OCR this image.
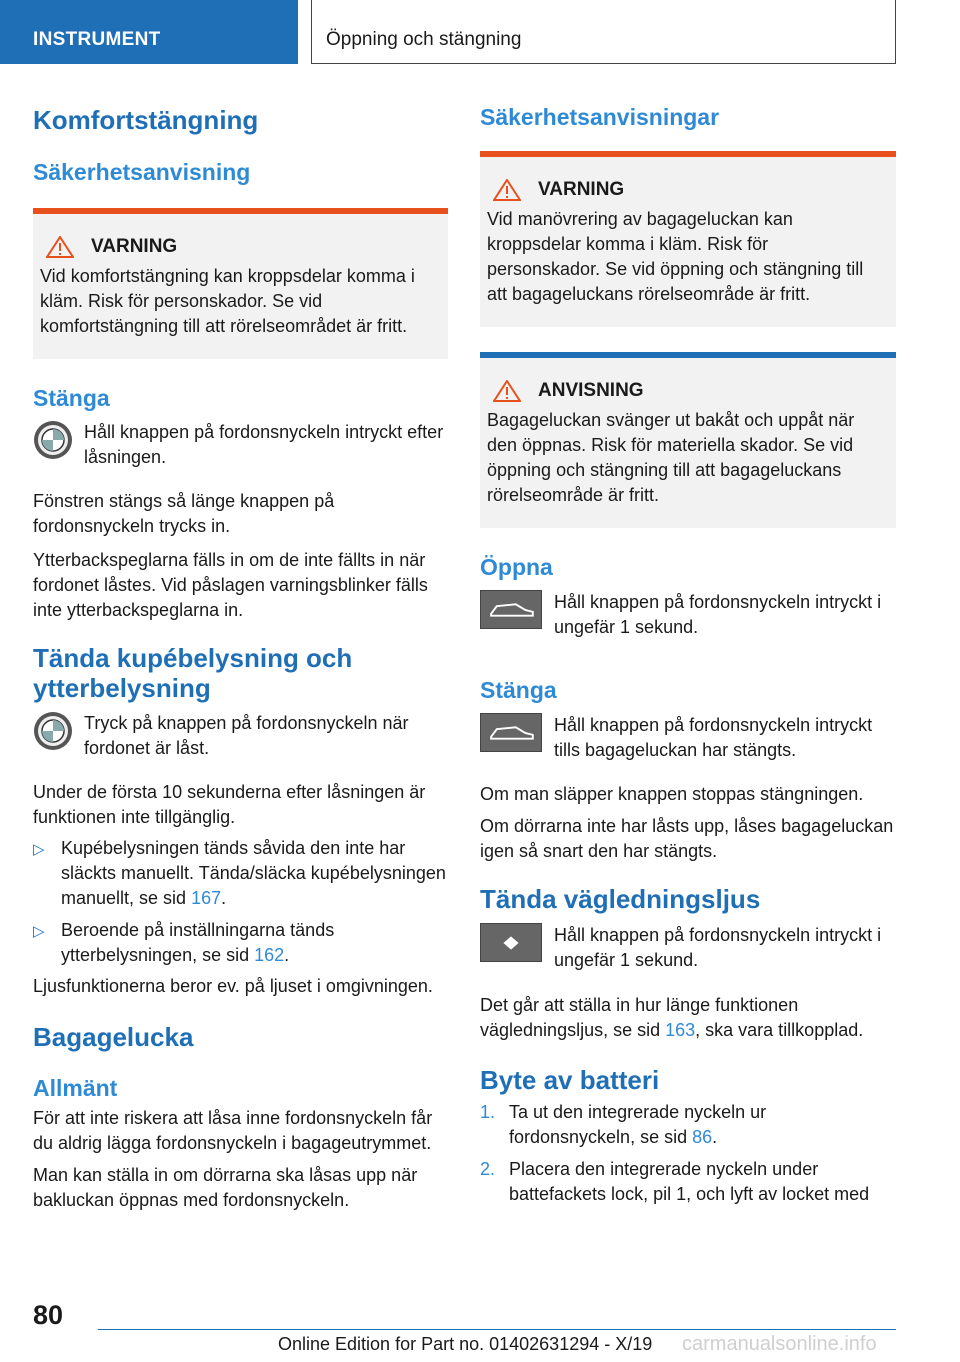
INSTRUMENT	Öppning och stängning
Komfortstängning
Säkerhetsanvisning
VARNING

Vid komfortstängning kan kroppsdelar komma i kläm. Risk för personskador. Se vid komfortstängning till att rörelseområdet är fritt.

Stänga

Håll knappen på fordonsnyckeln intryckt efter låsningen.

Fönstren stängs så länge knappen på fordonsnyckeln trycks in.

Ytterbackspeglarna fälls in om de inte fällts in när fordonet låstes. Vid påslagen varningsblinker fälls inte ytterbackspeglarna in.

Tända kupébelysning och ytterbelysning

Tryck på knappen på fordonsnyckeln när fordonet är låst.

Under de första 10 sekunderna efter låsningen är funktionen inte tillgänglig.

▷ Kupébelysningen tänds såvida den inte har släckts manuellt. Tända/släcka kupébelysningen manuellt, se sid 167.
▷ Beroende på inställningarna tänds ytterbelysningen, se sid 162.

Ljusfunktionerna beror ev. på ljuset i omgivningen.

Bagagelucka
Allmänt

För att inte riskera att låsa inne fordonsnyckeln får du aldrig lägga fordonsnyckeln i bagageutrymmet.

Man kan ställa in om dörrarna ska låsas upp när bakluckan öppnas med fordonsnyckeln.

Säkerhetsanvisningar
VARNING

Vid manövrering av bagageluckan kan kroppsdelar komma i kläm. Risk för personskador. Se vid öppning och stängning till att bagageluckans rörelseområde är fritt.

ANVISNING

Bagageluckan svänger ut bakåt och uppåt när den öppnas. Risk för materiella skador. Se vid öppning och stängning till att bagageluckans rörelseområde är fritt.

Öppna

Håll knappen på fordonsnyckeln intryckt i ungefär 1 sekund.

Stänga

Håll knappen på fordonsnyckeln intryckt tills bagageluckan har stängts.

Om man släpper knappen stoppas stängningen.

Om dörrarna inte har låsts upp, låses bagageluckan igen så snart den har stängts.

Tända vägledningsljus

Håll knappen på fordonsnyckeln intryckt i ungefär 1 sekund.

Det går att ställa in hur länge funktionen vägledningsljus, se sid 163, ska vara tillkopplad.

Byte av batteri
1. Ta ut den integrerade nyckeln ur fordonsnyckeln, se sid 86.
2. Placera den integrerade nyckeln under battefackets lock, pil 1, och lyft av locket med
80
Online Edition for Part no. 01402631294 - X/19 carmanualsonline.info
